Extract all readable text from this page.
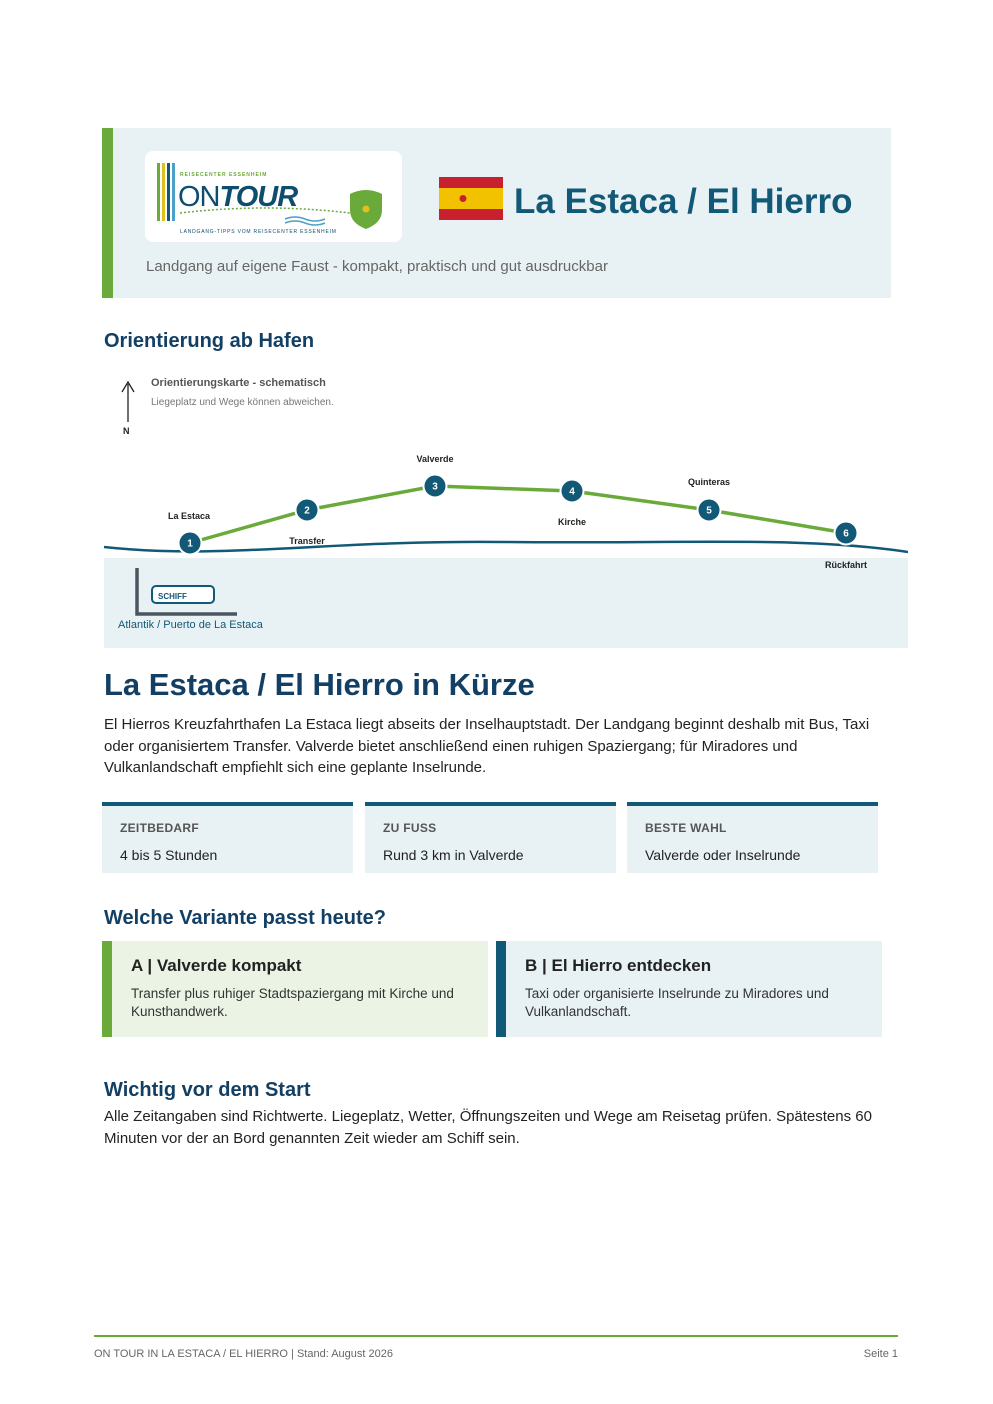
REISECENTER ESSENHEIM
ONTOUR
LANDGANG-TIPPS VOM REISECENTER ESSENHEIM
La Estaca / El Hierro
Landgang auf eigene Faust - kompakt, praktisch und gut ausdruckbar
Orientierung ab Hafen
1
2
3	4
5
6
Orientierungskarte - schematisch
Liegeplatz und Wege können abweichen.
N
La Estaca
Transfer
Valverde
Kirche
Quinteras
Rückfahrt
SCHIFF
Atlantik / Puerto de La Estaca
La Estaca / El Hierro in Kürze

El Hierros Kreuzfahrthafen La Estaca liegt abseits der Inselhauptstadt. Der Landgang beginnt deshalb mit Bus, Taxi oder organisiertem Transfer. Valverde bietet anschließend einen ruhigen Spaziergang; für Miradores und Vulkanlandschaft empfiehlt sich eine geplante Inselrunde.

ZEITBEDARF
4 bis 5 Stunden
ZU FUSS
Rund 3 km in Valverde
BESTE WAHL
Valverde oder Inselrunde
Welche Variante passt heute?

A | Valverde kompakt

Transfer plus ruhiger Stadtspaziergang mit Kirche und Kunsthandwerk.

B | El Hierro entdecken

Taxi oder organisierte Inselrunde zu Miradores und Vulkanlandschaft.

Wichtig vor dem Start

Alle Zeitangaben sind Richtwerte. Liegeplatz, Wetter, Öffnungszeiten und Wege am Reisetag prüfen. Spätestens 60 Minuten vor der an Bord genannten Zeit wieder am Schiff sein.

ON TOUR IN LA ESTACA / EL HIERRO | Stand: August 2026	Seite 1
